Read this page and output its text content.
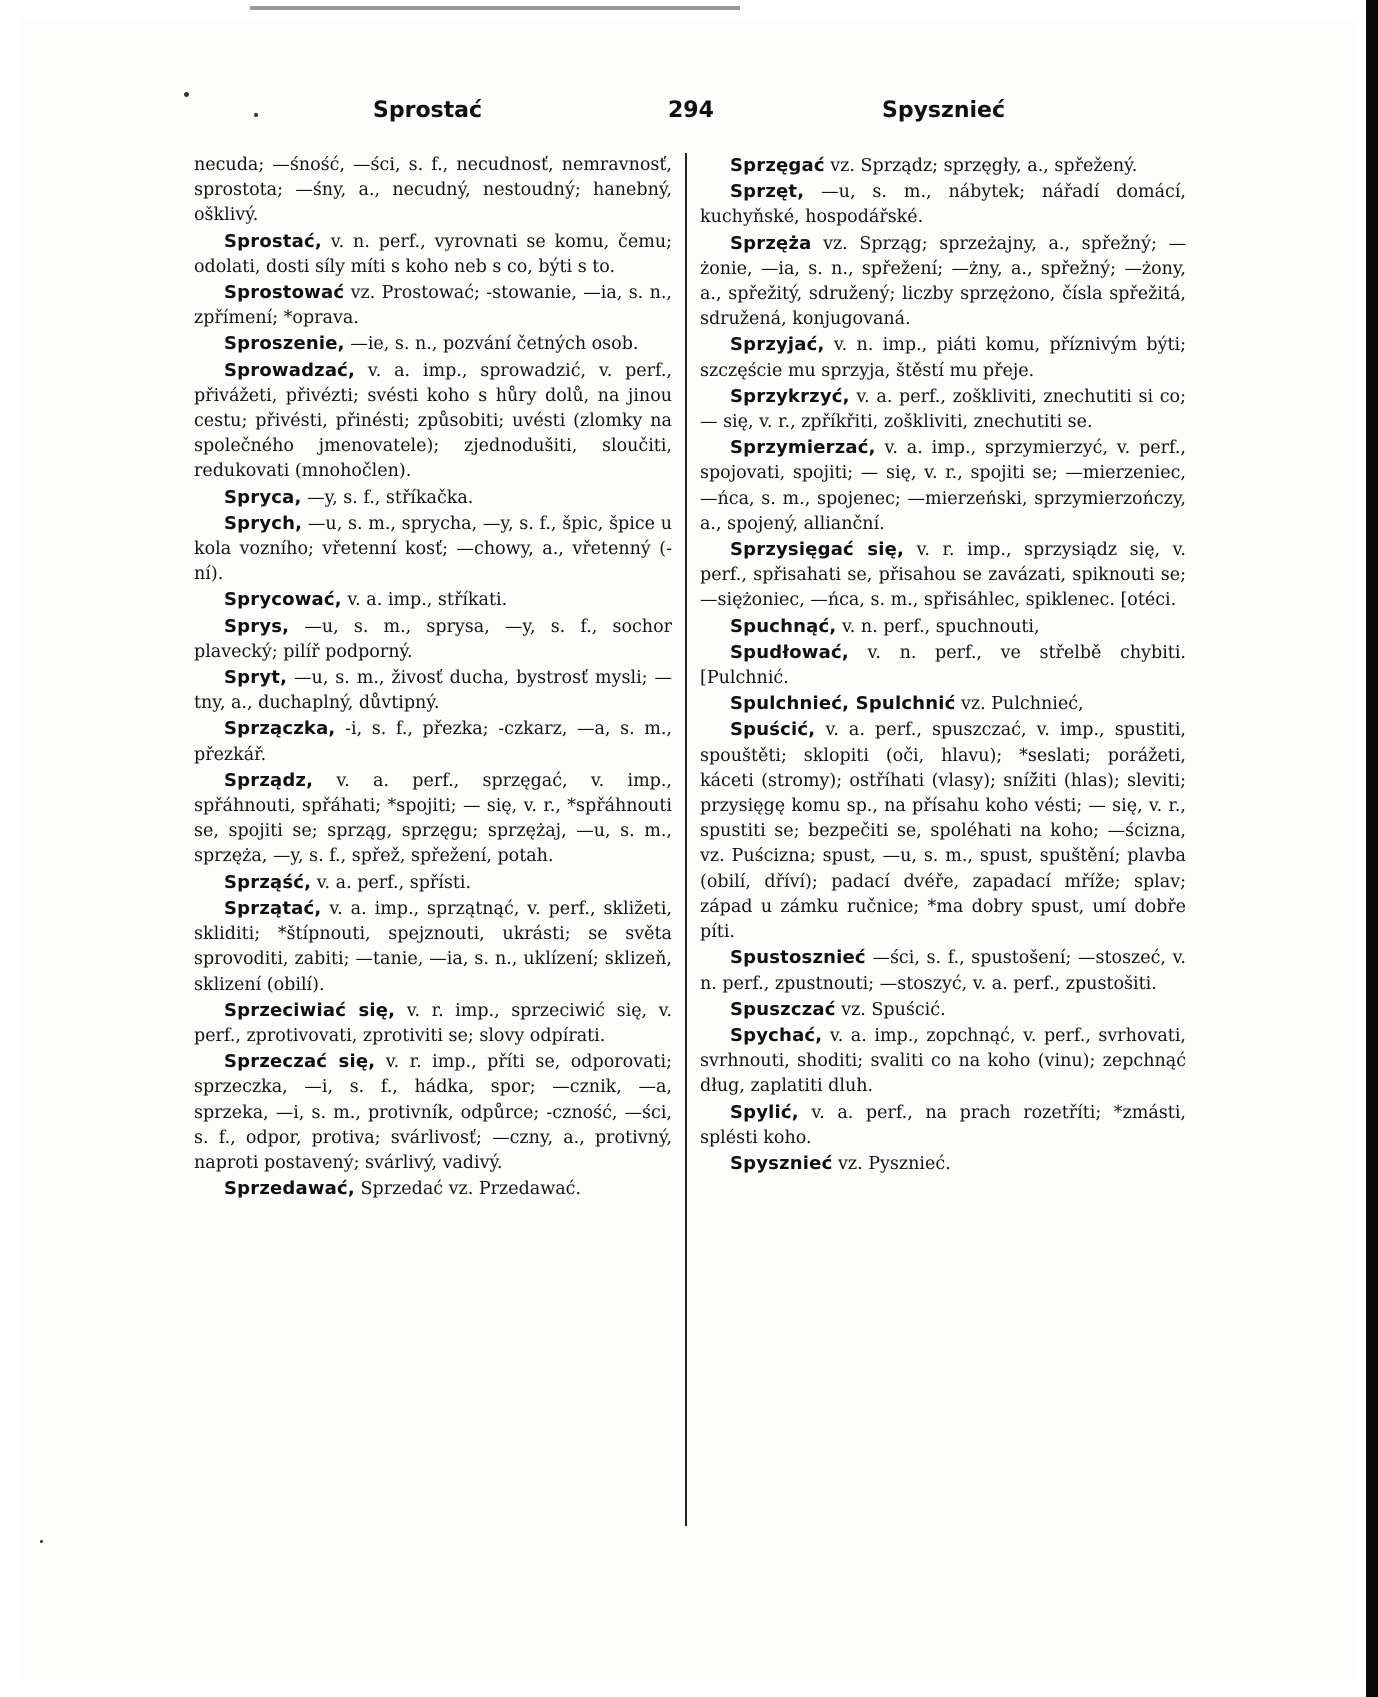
Sprostać	294	Spysznieć

necuda; —śność, —ści, s. f., necudnosť, nemravnosť, sprostota; —śny, a., necudný, nestoudný; hanebný, ošklivý.

Sprostać, v. n. perf., vyrovnati se komu, čemu; odolati, dosti síly míti s koho neb s co, býti s to.

Sprostować vz. Prostować; -stowanie, —ia, s. n., zpřímení; *oprava.

Sproszenie, —ie, s. n., pozvání četných osob.

Sprowadzać, v. a. imp., sprowadzić, v. perf., přivážeti, přivézti; svésti koho s hůry dolů, na jinou cestu; přivésti, přinésti; způsobiti; uvésti (zlomky na společného jmenovatele); zjednodušiti, sloučiti, redukovati (mnohočlen).

Spryca, —y, s. f., stříkačka.

Sprych, —u, s. m., sprycha, —y, s. f., špic, špice u kola vozního; vřetenní kosť; —chowy, a., vřetenný (-ní).

Sprycować, v. a. imp., stříkati.

Sprys, —u, s. m., sprysa, —y, s. f., sochor plavecký; pilíř podporný.

Spryt, —u, s. m., živosť ducha, bystrosť mysli; —tny, a., duchaplný, důvtipný.

Sprzączka, -i, s. f., přezka; -czkarz, —a, s. m., přezkář.

Sprządz, v. a. perf., sprzęgać, v. imp., spřáhnouti, spřáhati; *spojiti; — się, v. r., *spřáhnouti se, spojiti se; sprząg, sprzęgu; sprzężaj, —u, s. m., sprzęża, —y, s. f., spřež, spřežení, potah.

Sprząść, v. a. perf., spřísti.

Sprzątać, v. a. imp., sprzątnąć, v. perf., skliz̆eti, skliditi; *štípnouti, spejznouti, ukrásti; se světa sprovoditi, zabiti; —tanie, —ia, s. n., uklízení; sklizeň, sklizení (obilí).

Sprzeciwiać się, v. r. imp., sprzeciwić się, v. perf., zprotivovati, zprotiviti se; slovy odpírati.

Sprzeczać się, v. r. imp., příti se, odporovati; sprzeczka, —i, s. f., hádka, spor; —cznik, —a, sprzeka, —i, s. m., protivník, odpůrce; -czność, —ści, s. f., odpor, protiva; svárlivosť; —czny, a., protivný, naproti postavený; svárlivý, vadivý.

Sprzedawać, Sprzedać vz. Przedawać.

Sprzęgać vz. Sprządz; sprzęgły, a., spřežený.

Sprzęt, —u, s. m., nábytek; nářadí domácí, kuchyňské, hospodářské.

Sprzęża vz. Sprząg; sprzeżajny, a., spřežný; —żonie, —ia, s. n., spřežení; —żny, a., spřežný; —żony, a., spřežitý, sdružený; liczby sprzężono, čísla spřežitá, sdružená, konjugovaná.

Sprzyjać, v. n. imp., piáti komu, příznivým býti; szczęście mu sprzyja, štěstí mu přeje.

Sprzykrzyć, v. a. perf., zoškliviti, znechutiti si co; — się, v. r., zpříkřiti, zoškliviti, znechutiti se.

Sprzymierzać, v. a. imp., sprzymierzyć, v. perf., spojovati, spojiti; — się, v. r., spojiti se; —mierzeniec, —ńca, s. m., spojenec; —mierzeński, sprzymierzończy, a., spojený, allianční.

Sprzysięgać się, v. r. imp., sprzysiądz się, v. perf., spřisahati se, přisahou se zavázati, spiknouti se; —siężoniec, —ńca, s. m., spřisáhlec, spiklenec. [otéci.

Spuchnąć, v. n. perf., spuchnouti,

Spudłować, v. n. perf., ve střelbě chybiti. [Pulchnić.

Spulchnieć, Spulchnić vz. Pulchnieć,

Spuścić, v. a. perf., spuszczać, v. imp., spustiti, spouštěti; sklopiti (oči, hlavu); *seslati; porážeti, káceti (stromy); ostříhati (vlasy); sníž̆iti (hlas); sleviti; przysięgę komu sp., na přísahu koho vésti; — się, v. r., spustiti se; bezpečiti se, spoléhati na koho; —ścizna, vz. Puścizna; spust, —u, s. m., spust, spuštění; plavba (obilí, dříví); padací dvéře, zapadací mříže; splav; západ u zámku ručnice; *ma dobry spust, umí dobře píti.

Spustosznieć —ści, s. f., spustošení; —stoszeć, v. n. perf., zpustnouti; —stoszyć, v. a. perf., zpustošiti.

Spuszczać vz. Spuścić.

Spychać, v. a. imp., zopchnąć, v. perf., svrhovati, svrhnouti, shoditi; svaliti co na koho (vinu); zepchnąć dług, zaplatiti dluh.

Spylić, v. a. perf., na prach rozetříti; *zmásti, splésti koho.

Spysznieć vz. Pysznieć.
